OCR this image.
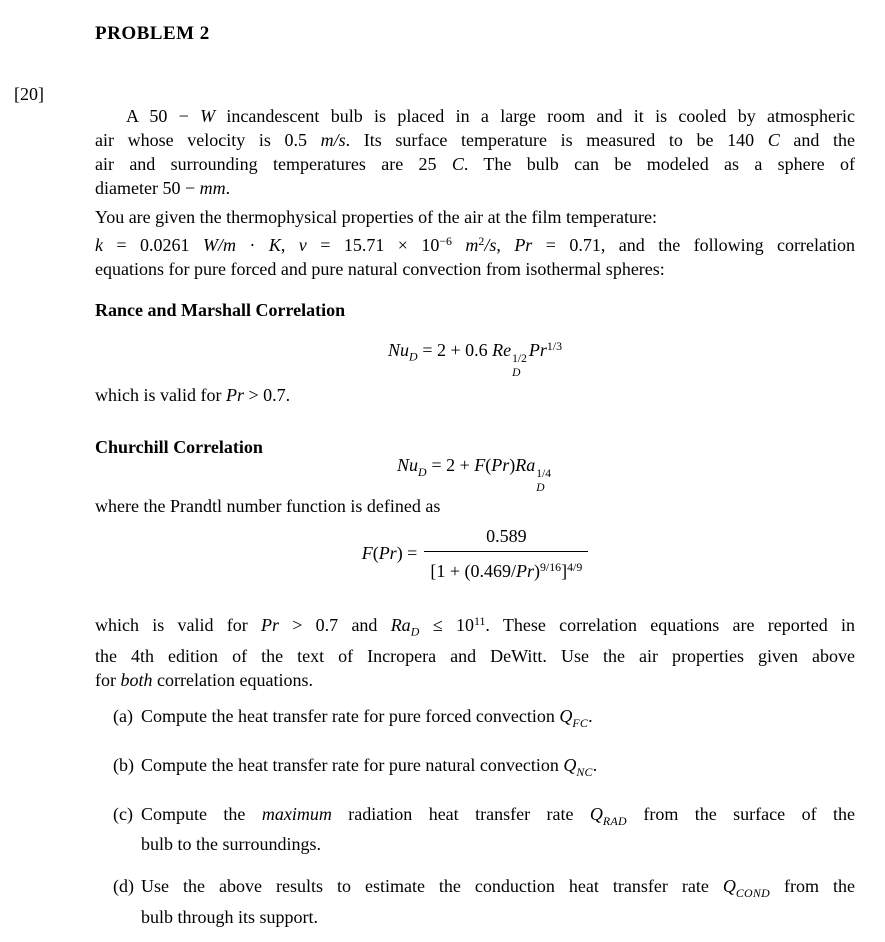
PROBLEM 2
[20]
A 50 − W incandescent bulb is placed in a large room and it is cooled by atmospheric
air whose velocity is 0.5 m/s. Its surface temperature is measured to be 140 C and the
air and surrounding temperatures are 25 C. The bulb can be modeled as a sphere of
diameter 50 − mm.
You are given the thermophysical properties of the air at the film temperature:
k = 0.0261 W/m · K, $\nu = 15.71 \times 10^{-6}$ $m^2/s$, Pr = 0.71, and the following correlation
equations for pure forced and pure natural convection from isothermal spheres:
Rance and Marshall Correlation
$Nu_D = 2 + 0.6$ Re 1/2
D
$Pr^{1/3}$
which is valid for Pr > 0.7.
Churchill Correlation
$Nu_D = 2 + F(Pr)Ra$ 1/4
D
where the Prandtl number function is defined as
$F(Pr) = \frac{0.589}{[1 + (0.469/Pr)^{9/16}]^{4/9}}$
which is valid for Pr > 0.7 and $Ra_D \le 10^{11}$. These correlation equations are reported in
the 4th edition of the text of Incropera and DeWitt. Use the air properties given above
for both correlation equations.
(a) Compute the heat transfer rate for pure forced convection $Q_{FC}$.
(b) Compute the heat transfer rate for pure natural convection $Q_{NC}$.
(c) Compute the maximum radiation heat transfer rate $Q_{RAD}$ from the surface of the
bulb to the surroundings.
(d) Use the above results to estimate the conduction heat transfer rate $Q_{COND}$ from the
bulb through its support.
